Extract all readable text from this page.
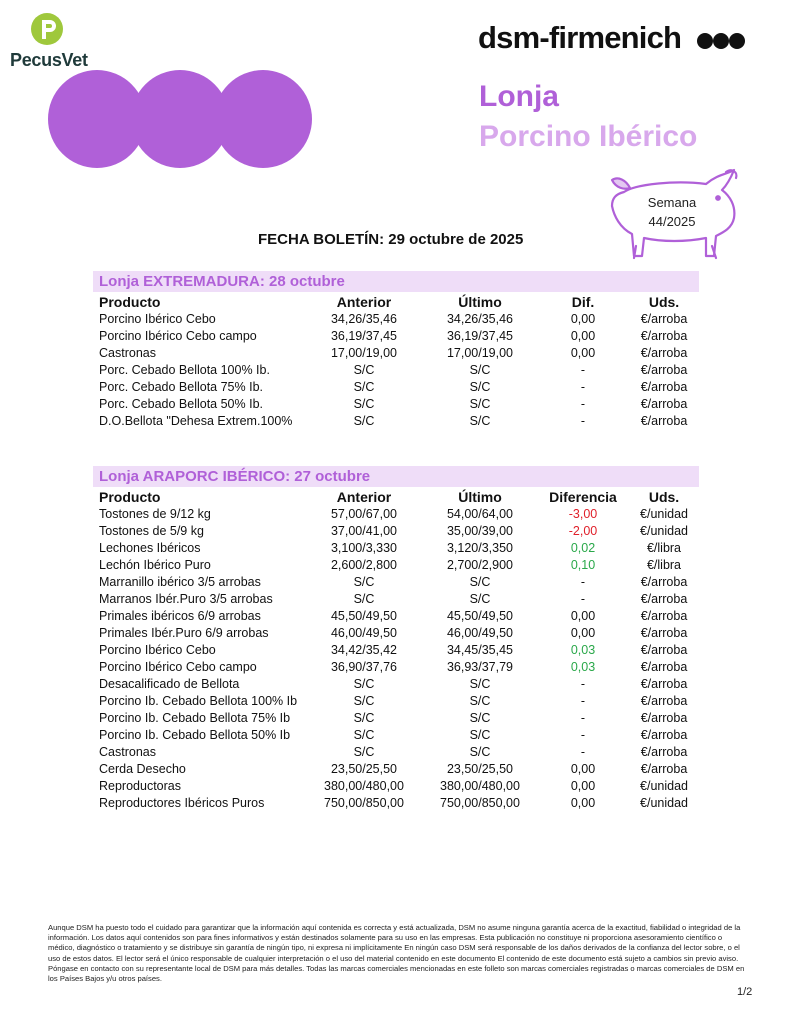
PecusVet
dsm-firmenich
Lonja
Porcino Ibérico
Semana
44/2025
FECHA BOLETÍN: 29 octubre de 2025
Lonja EXTREMADURA: 28 octubre
Producto	Anterior	Último	Dif.	Uds.
Porcino Ibérico Cebo	34,26/35,46	34,26/35,46	0,00	€/arroba
Porcino Ibérico Cebo campo	36,19/37,45	36,19/37,45	0,00	€/arroba
Castronas	17,00/19,00	17,00/19,00	0,00	€/arroba
Porc. Cebado Bellota 100% Ib.	S/C	S/C	-	€/arroba
Porc. Cebado Bellota 75% Ib.	S/C	S/C	-	€/arroba
Porc. Cebado Bellota 50% Ib.	S/C	S/C	-	€/arroba
D.O.Bellota "Dehesa Extrem.100%	S/C	S/C	-	€/arroba
Lonja ARAPORC IBÉRICO: 27 octubre
Producto	Anterior	Último	Diferencia	Uds.
Tostones de 9/12 kg	57,00/67,00	54,00/64,00	-3,00	€/unidad
Tostones de 5/9 kg	37,00/41,00	35,00/39,00	-2,00	€/unidad
Lechones Ibéricos	3,100/3,330	3,120/3,350	0,02	€/libra
Lechón Ibérico Puro	2,600/2,800	2,700/2,900	0,10	€/libra
Marranillo ibérico 3/5 arrobas	S/C	S/C	-	€/arroba
Marranos Ibér.Puro 3/5 arrobas	S/C	S/C	-	€/arroba
Primales ibéricos 6/9 arrobas	45,50/49,50	45,50/49,50	0,00	€/arroba
Primales Ibér.Puro 6/9 arrobas	46,00/49,50	46,00/49,50	0,00	€/arroba
Porcino Ibérico Cebo	34,42/35,42	34,45/35,45	0,03	€/arroba
Porcino Ibérico Cebo campo	36,90/37,76	36,93/37,79	0,03	€/arroba
Desacalificado de Bellota	S/C	S/C	-	€/arroba
Porcino Ib. Cebado Bellota 100% Ib	S/C	S/C	-	€/arroba
Porcino Ib. Cebado Bellota 75% Ib	S/C	S/C	-	€/arroba
Porcino Ib. Cebado Bellota 50% Ib	S/C	S/C	-	€/arroba
Castronas	S/C	S/C	-	€/arroba
Cerda Desecho	23,50/25,50	23,50/25,50	0,00	€/arroba
Reproductoras	380,00/480,00	380,00/480,00	0,00	€/unidad
Reproductores Ibéricos Puros	750,00/850,00	750,00/850,00	0,00	€/unidad
Aunque DSM ha puesto todo el cuidado para garantizar que la información aquí contenida es correcta y está actualizada, DSM no asume ninguna garantía acerca de la exactitud, fiabilidad o integridad de la información. Los datos aquí contenidos son para fines informativos y están destinados solamente para su uso en las empresas. Esta publicación no constituye ni proporciona asesoramiento científico o médico, diagnóstico o tratamiento y se distribuye sin garantía de ningún tipo, ni expresa ni implícitamente En ningún caso DSM será responsable de los daños derivados de la confianza del lector sobre, o el uso de estos datos. El lector será el único responsable de cualquier interpretación o el uso del material contenido en este documento El contenido de este documento está sujeto a cambios sin previo aviso. Póngase en contacto con su representante local de DSM para más detalles. Todas las marcas comerciales mencionadas en este folleto son marcas comerciales registradas o marcas comerciales de DSM en los Países Bajos y/u otros países.
1/2
